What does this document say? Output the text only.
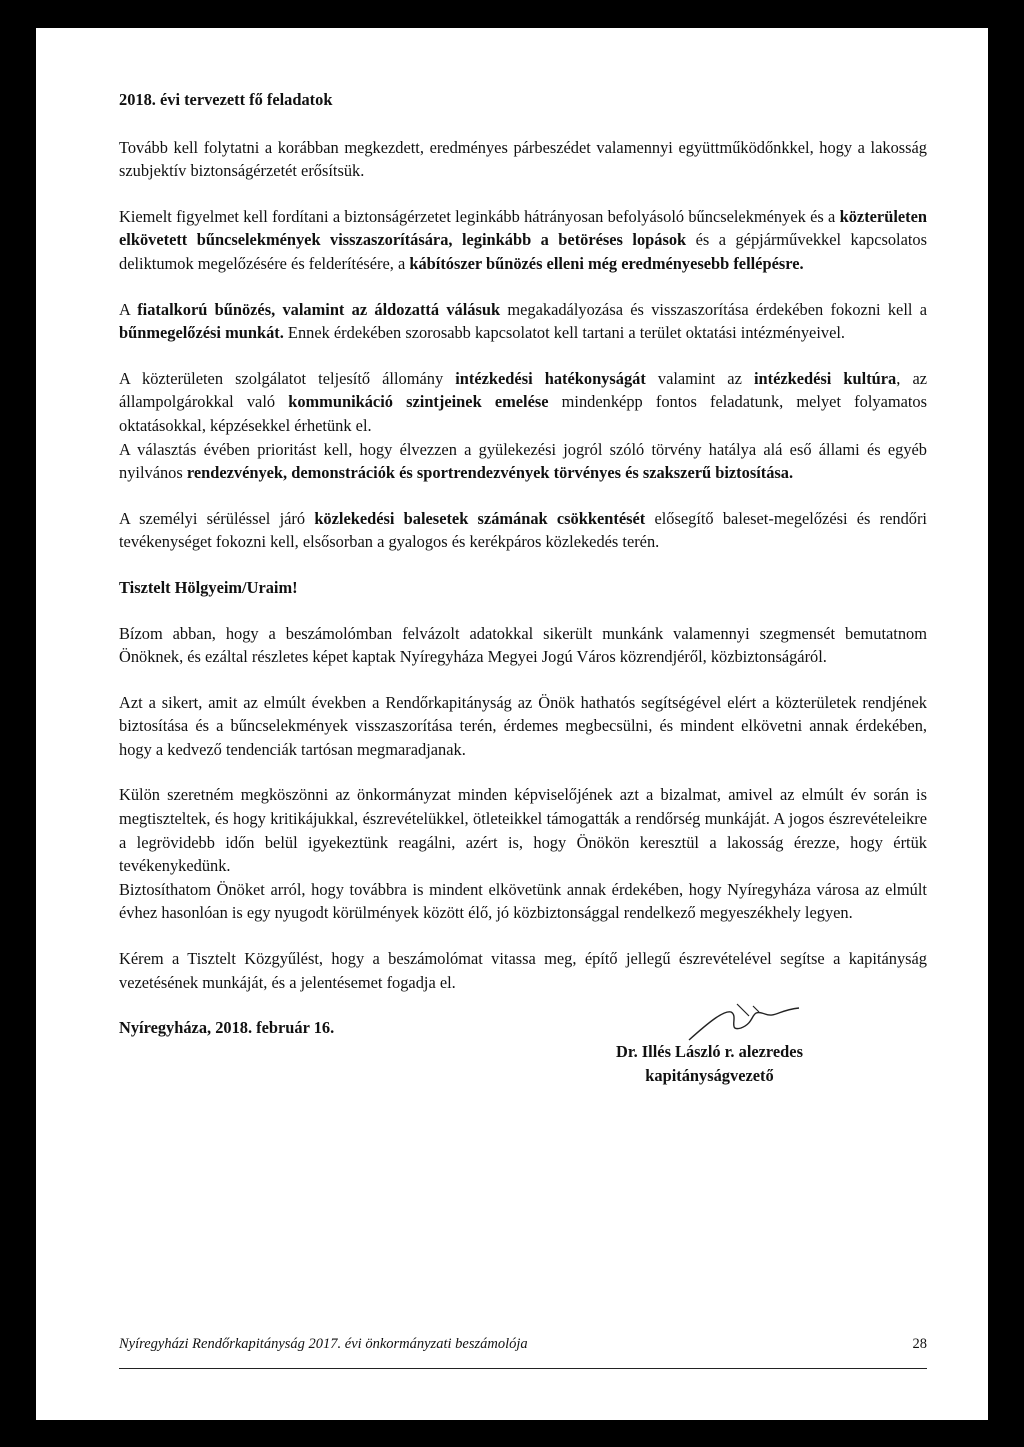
2018. évi tervezett fő feladatok
Tovább kell folytatni a korábban megkezdett, eredményes párbeszédet valamennyi együttműködőnkkel, hogy a lakosság szubjektív biztonságérzetét erősítsük.
Kiemelt figyelmet kell fordítani a biztonságérzetet leginkább hátrányosan befolyásoló bűncselekmények és a közterületen elkövetett bűncselekmények visszaszorítására, leginkább a betöréses lopások és a gépjárművekkel kapcsolatos deliktumok megelőzésére és felderítésére, a kábítószer bűnözés elleni még eredményesebb fellépésre.
A fiatalkorú bűnözés, valamint az áldozattá válásuk megakadályozása és visszaszorítása érdekében fokozni kell a bűnmegelőzési munkát. Ennek érdekében szorosabb kapcsolatot kell tartani a terület oktatási intézményeivel.
A közterületen szolgálatot teljesítő állomány intézkedési hatékonyságát valamint az intézkedési kultúra, az állampolgárokkal való kommunikáció szintjeinek emelése mindenképp fontos feladatunk, melyet folyamatos oktatásokkal, képzésekkel érhetünk el.
A választás évében prioritást kell, hogy élvezzen a gyülekezési jogról szóló törvény hatálya alá eső állami és egyéb nyilvános rendezvények, demonstrációk és sportrendezvények törvényes és szakszerű biztosítása.
A személyi sérüléssel járó közlekedési balesetek számának csökkentését elősegítő baleset-megelőzési és rendőri tevékenységet fokozni kell, elsősorban a gyalogos és kerékpáros közlekedés terén.
Tisztelt Hölgyeim/Uraim!
Bízom abban, hogy a beszámolómban felvázolt adatokkal sikerült munkánk valamennyi szegmensét bemutatnom Önöknek, és ezáltal részletes képet kaptak Nyíregyháza Megyei Jogú Város közrendjéről, közbiztonságáról.
Azt a sikert, amit az elmúlt években a Rendőrkapitányság az Önök hathatós segítségével elért a közterületek rendjének biztosítása és a bűncselekmények visszaszorítása terén, érdemes megbecsülni, és mindent elkövetni annak érdekében, hogy a kedvező tendenciák tartósan megmaradjanak.
Külön szeretném megköszönni az önkormányzat minden képviselőjének azt a bizalmat, amivel az elmúlt év során is megtiszteltek, és hogy kritikájukkal, észrevételükkel, ötleteikkel támogatták a rendőrség munkáját. A jogos észrevételeikre a legrövidebb időn belül igyekeztünk reagálni, azért is, hogy Önökön keresztül a lakosság érezze, hogy értük tevékenykedünk.
Biztosíthatom Önöket arról, hogy továbbra is mindent elkövetünk annak érdekében, hogy Nyíregyháza városa az elmúlt évhez hasonlóan is egy nyugodt körülmények között élő, jó közbiztonsággal rendelkező megyeszékhely legyen.
Kérem a Tisztelt Közgyűlést, hogy a beszámolómat vitassa meg, építő jellegű észrevételével segítse a kapitányság vezetésének munkáját, és a jelentésemet fogadja el.
Nyíregyháza, 2018. február 16.
Dr. Illés László r. alezredes
kapitányságvezető
Nyíregyházi Rendőrkapitányság 2017. évi önkormányzati beszámolója	28
